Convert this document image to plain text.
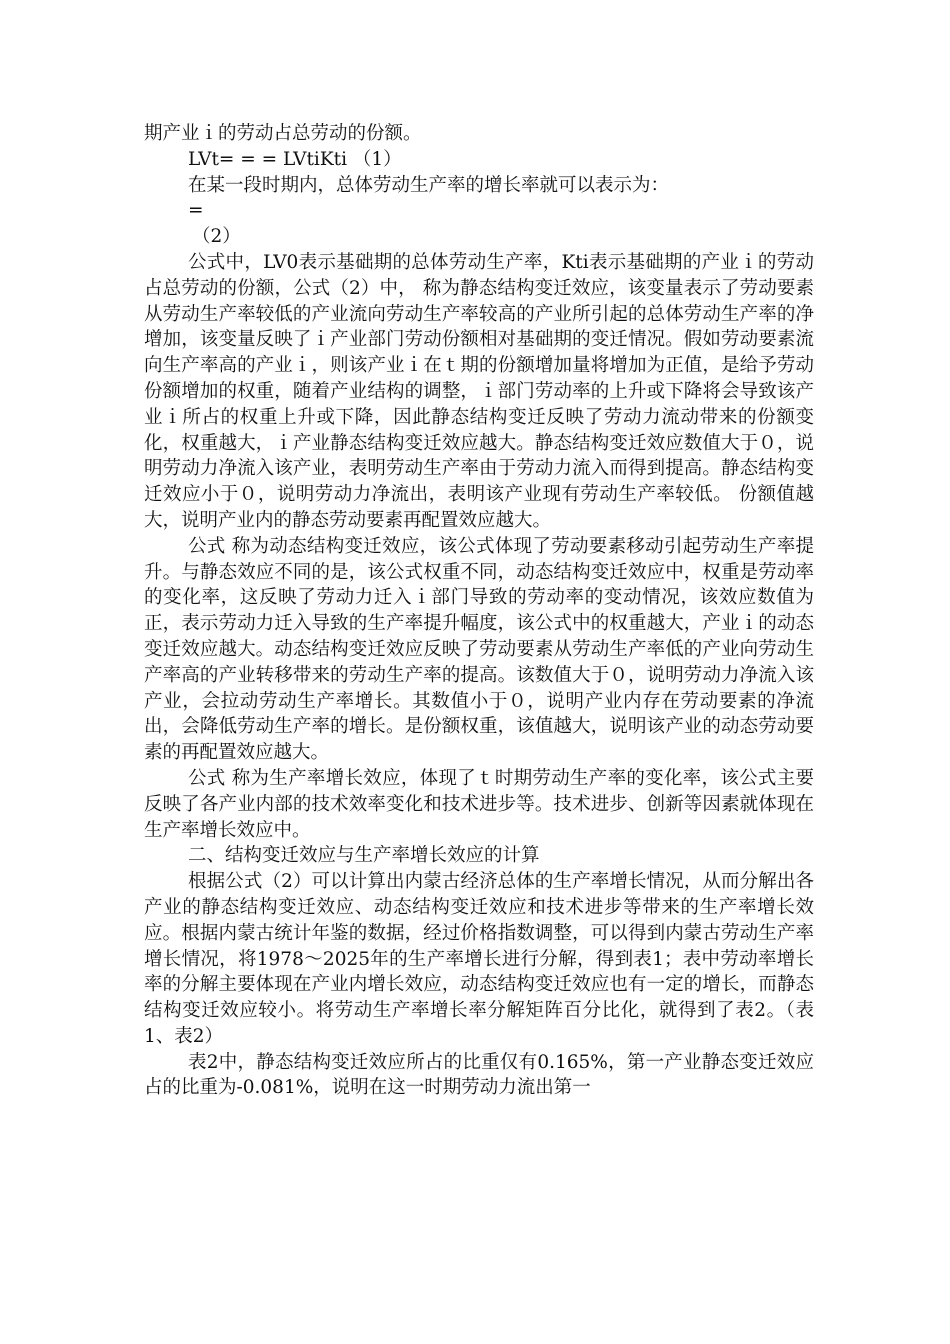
期产业ｉ的劳动占总劳动的份额。

LVt= = = LVtiKti （1）

在某一段时期内，总体劳动生产率的增长率就可以表示为：

=

（2）

公式中，LV0表示基础期的总体劳动生产率，Kti表示基础期的产业ｉ的劳动占总劳动的份额，公式（2）中， 称为静态结构变迁效应，该变量表示了劳动要素从劳动生产率较低的产业流向劳动生产率较高的产业所引起的总体劳动生产率的净增加，该变量反映了ｉ产业部门劳动份额相对基础期的变迁情况。假如劳动要素流向生产率高的产业ｉ，则该产业ｉ在ｔ期的份额增加量将增加为正值，是给予劳动份额增加的权重，随着产业结构的调整，ｉ部门劳动率的上升或下降将会导致该产业ｉ所占的权重上升或下降，因此静态结构变迁反映了劳动力流动带来的份额变化，权重越大，ｉ产业静态结构变迁效应越大。静态结构变迁效应数值大于０，说明劳动力净流入该产业，表明劳动生产率由于劳动力流入而得到提高。静态结构变迁效应小于０，说明劳动力净流出，表明该产业现有劳动生产率较低。 份额值越大，说明产业内的静态劳动要素再配置效应越大。

公式 称为动态结构变迁效应，该公式体现了劳动要素移动引起劳动生产率提升。与静态效应不同的是，该公式权重不同，动态结构变迁效应中，权重是劳动率的变化率，这反映了劳动力迁入ｉ部门导致的劳动率的变动情况，该效应数值为正，表示劳动力迁入导致的生产率提升幅度，该公式中的权重越大，产业ｉ的动态变迁效应越大。动态结构变迁效应反映了劳动要素从劳动生产率低的产业向劳动生产率高的产业转移带来的劳动生产率的提高。该数值大于０，说明劳动力净流入该产业，会拉动劳动生产率增长。其数值小于０，说明产业内存在劳动要素的净流出，会降低劳动生产率的增长。是份额权重，该值越大，说明该产业的动态劳动要素的再配置效应越大。

公式 称为生产率增长效应，体现了ｔ时期劳动生产率的变化率，该公式主要反映了各产业内部的技术效率变化和技术进步等。技术进步、创新等因素就体现在生产率增长效应中。

二、结构变迁效应与生产率增长效应的计算

根据公式（2）可以计算出内蒙古经济总体的生产率增长情况，从而分解出各产业的静态结构变迁效应、动态结构变迁效应和技术进步等带来的生产率增长效应。根据内蒙古统计年鉴的数据，经过价格指数调整，可以得到内蒙古劳动生产率增长情况，将1978～2025年的生产率增长进行分解，得到表1；表中劳动率增长率的分解主要体现在产业内增长效应，动态结构变迁效应也有一定的增长，而静态结构变迁效应较小。将劳动生产率增长率分解矩阵百分比化，就得到了表2。（表1、表2）

表2中，静态结构变迁效应所占的比重仅有0.165%，第一产业静态变迁效应占的比重为-0.081%，说明在这一时期劳动力流出第一
